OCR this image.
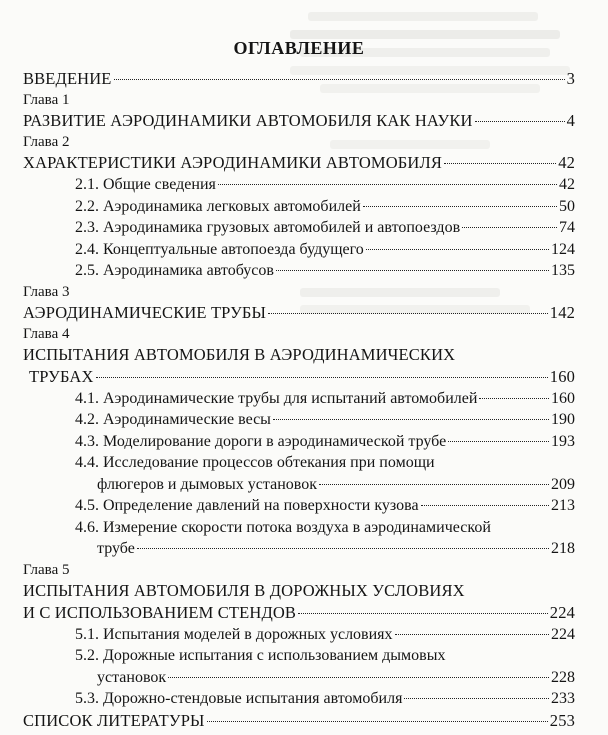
ОГЛАВЛЕНИЕ
ВВЕДЕНИЕ	3
Глава 1
РАЗВИТИЕ АЭРОДИНАМИКИ АВТОМОБИЛЯ КАК НАУКИ	4
Глава 2
ХАРАКТЕРИСТИКИ АЭРОДИНАМИКИ АВТОМОБИЛЯ	42
2.1. Общие сведения	42
2.2. Аэродинамика легковых автомобилей	50
2.3. Аэродинамика грузовых автомобилей и автопоездов	74
2.4. Концептуальные автопоезда будущего	124
2.5. Аэродинамика автобусов	135
Глава 3
АЭРОДИНАМИЧЕСКИЕ ТРУБЫ	142
Глава 4
ИСПЫТАНИЯ АВТОМОБИЛЯ В АЭРОДИНАМИЧЕСКИХ
ТРУБАХ	160
4.1. Аэродинамические трубы для испытаний автомобилей	160
4.2. Аэродинамические весы	190
4.3. Моделирование дороги в аэродинамической трубе	193
4.4. Исследование процессов обтекания при помощи
флюгеров и дымовых установок	209
4.5. Определение давлений на поверхности кузова	213
4.6. Измерение скорости потока воздуха в аэродинамической
трубе	218
Глава 5
ИСПЫТАНИЯ АВТОМОБИЛЯ В ДОРОЖНЫХ УСЛОВИЯХ
И С ИСПОЛЬЗОВАНИЕМ СТЕНДОВ	224
5.1. Испытания моделей в дорожных условиях	224
5.2. Дорожные испытания с использованием дымовых
установок	228
5.3. Дорожно-стендовые испытания автомобиля	233
СПИСОК ЛИТЕРАТУРЫ	253
